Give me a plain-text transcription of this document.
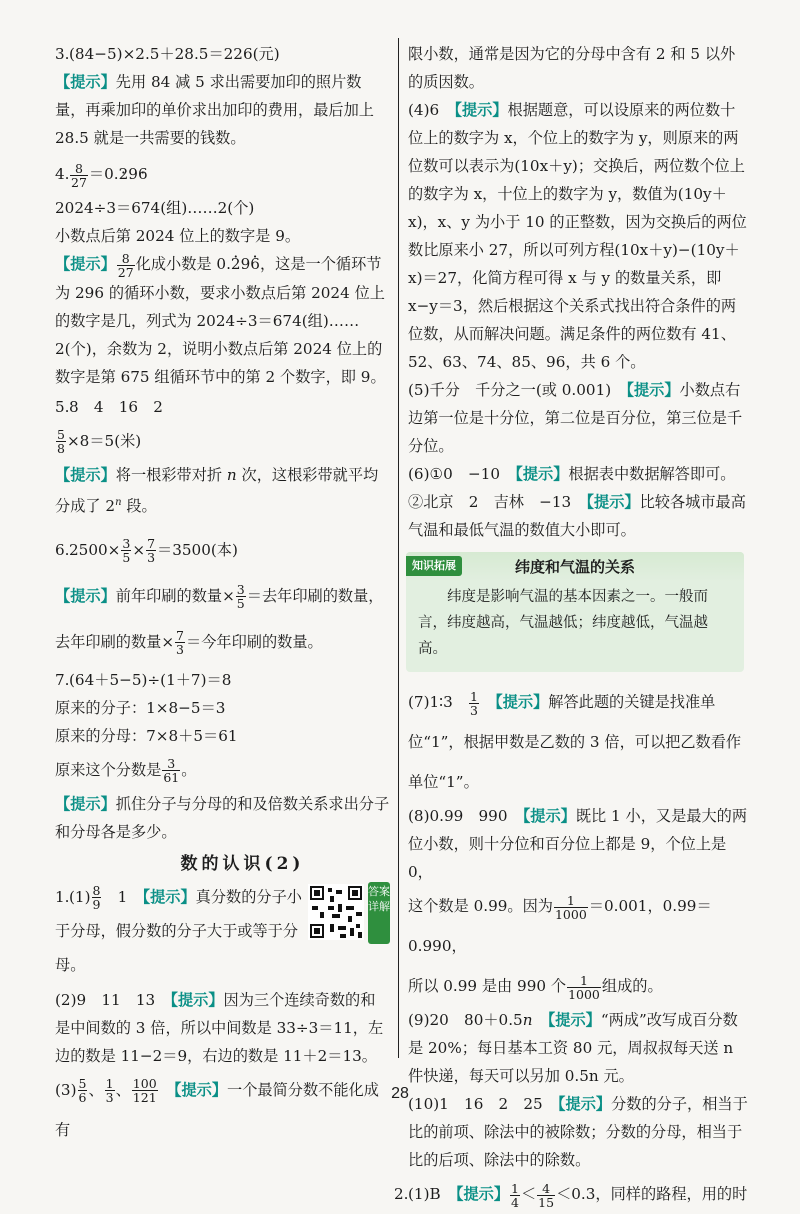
3.(84−5)×2.5＋28.5＝226(元)

【 提示 】 先用 84 减 5 求出需要加印的照片数量，再乘加印的单价求出加印的费用，最后加上 28.5 就是一共需要的钱数。

4. $\frac{8}{27} =0.2 \cdot 96$ ·

2024÷3＝674(组)……2(个)

小数点后第 2024 位上的数字是 9。

【 提示 】 $\frac{8}{27}$ 化成小数是 0.2 ·96 ·，这是一个循环节为 296 的循环小数，要求小数点后第 2024 位上的数字是几，列式为 2024÷3＝674(组)……2(个)，余数为 2，说明小数点后第 2024 位上的数字是第 675 组循环节中的第 2 个数字，即 9。

5.8　4　16　2

$\frac{5}{8} \times 8=5$(米)

【 提示 】 将一根彩带对折 n 次，这根彩带就平均分成了 2$^n$ 段。

$6.2500\times \frac{3}{5} \times \frac{7}{3} =3500$(本)

【 提示 】 前年印刷的数量× $\frac{3}{5}$ ＝去年印刷的数量，

去年印刷的数量× $\frac{7}{3}$ ＝今年印刷的数量。

7.(64＋5−5)÷(1＋7)＝8

原来的分子：1×8−5＝3

原来的分母：7×8＋5＝61

原来这个分数是 $\frac{3}{61}$ 。

【 提示 】 抓住分子与分母的和及倍数关系求出分子和分母各是多少。

数的认识(2)
答案详解

$1.(1) \frac{8}{9}$ 　1　【 提示 】 真分数的分子小于分母，假分数的分子大于或等于分母。

(2)9　11　13　【 提示 】 因为三个连续奇数的和是中间数的 3 倍，所以中间数是 33÷3＝11，左边的数是 11−2＝9，右边的数是 11＋2＝13。

$(3) \frac{5}{6}$ 、 $\frac{1}{3}$ 、 $\frac{100}{121}$
　 【 提示 】 一个最简分数不能化成有

限小数，通常是因为它的分母中含有 2 和 5 以外的质因数。

(4)6　【 提示 】 根据题意，可以设原来的两位数十位上的数字为 x，个位上的数字为 y，则原来的两位数可以表示为(10x＋y)；交换后，两位数个位上的数字为 x，十位上的数字为 y，数值为(10y＋x)，x、y 为小于 10 的正整数，因为交换后的两位数比原来小 27，所以可列方程(10x＋y)−(10y＋x)＝27，化简方程可得 x 与 y 的数量关系，即 x−y＝3，然后根据这个关系式找出符合条件的两位数，从而解决问题。满足条件的两位数有 41、52、63、74、85、96，共 6 个。

(5)千分　千分之一(或 0.001)　【 提示 】 小数点右边第一位是十分位，第二位是百分位，第三位是千分位。

(6)①0　−10　【 提示 】 根据表中数据解答即可。

②北京　2　吉林　−13　【 提示 】 比较各城市最高气温和最低气温的数值大小即可。

知识拓展	纬度和气温的关系
纬度是影响气温的基本因素之一。一般而言，纬度越高，气温越低；纬度越低，气温越高。

(7)1∶3　 $\frac{1}{3}$
　 【 提示 】 解答此题的关键是找准单位“1”，根据甲数是乙数的 3 倍，可以把乙数看作单位“1”。

(8)0.99　990　【 提示 】 既比 1 小，又是最大的两位小数，则十分位和百分位上都是 9，个位上是 0，

这个数是 0.99。因为 $\frac{1}{1000} =0.001$，0.99＝0.990，

所以 0.99 是由 990 个 $\frac{1}{1000}$ 组成的。

(9)20　80＋0.5n　 【 提示 】 “两成”改写成百分数是 20%；每日基本工资 80 元，周叔叔每天送 n 件快递，每天可以另加 0.5n 元。

(10)1　16　2　25　【 提示 】 分数的分子，相当于比的前项、除法中的被除数；分数的分母，相当于比的后项、除法中的除数。

2.(1)B　【 提示 】 $\frac{1}{4} < \frac{4}{15} <0.3$，同样的路程，用的时

28
